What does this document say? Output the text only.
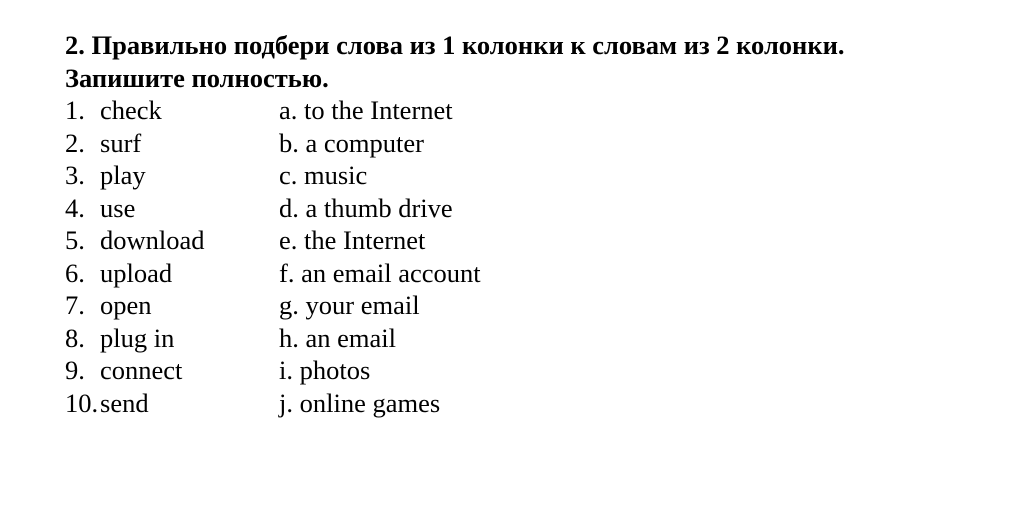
2. Правильно подбери слова из 1 колонки к словам из 2 колонки.
Запишите полностью.
1. check	a. to the Internet
2. surf	b. a computer
3. play	c. music
4. use	d. a thumb drive
5. download	e. the Internet
6. upload	f. an email account
7. open	g. your email
8. plug in	h. an email
9. connect	i. photos
10. send	j. online games
